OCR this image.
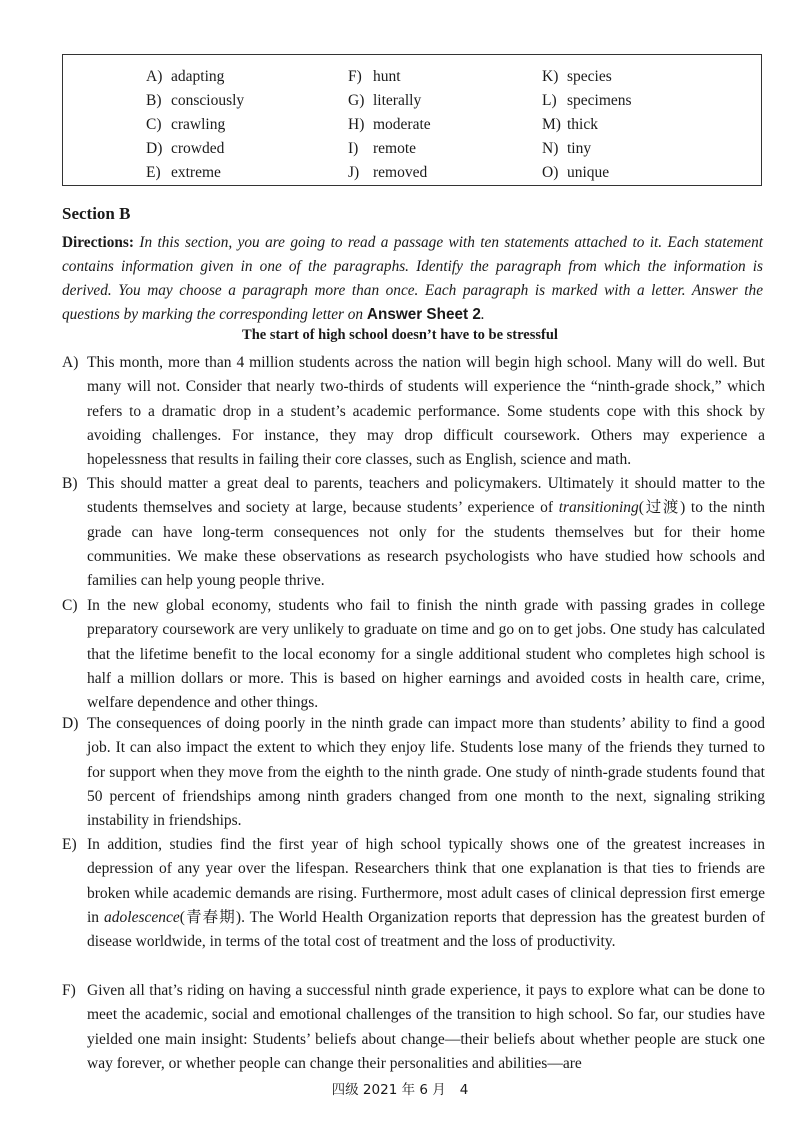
A) adapting
B) consciously
C) crawling
D) crowded
E) extreme
F) hunt
G) literally
H) moderate
I) remote
J) removed
K) species
L) specimens
M) thick
N) tiny
O) unique
Section B
Directions: In this section, you are going to read a passage with ten statements attached to it. Each statement contains information given in one of the paragraphs. Identify the paragraph from which the information is derived. You may choose a paragraph more than once. Each paragraph is marked with a letter. Answer the questions by marking the corresponding letter on Answer Sheet 2.
The start of high school doesn’t have to be stressful
A) This month, more than 4 million students across the nation will begin high school. Many will do well. But many will not. Consider that nearly two-thirds of students will experience the “ninth-grade shock,” which refers to a dramatic drop in a student’s academic performance. Some students cope with this shock by avoiding challenges. For instance, they may drop difficult coursework. Others may experience a hopelessness that results in failing their core classes, such as English, science and math.
B) This should matter a great deal to parents, teachers and policymakers. Ultimately it should matter to the students themselves and society at large, because students’ experience of transitioning(过渡) to the ninth grade can have long-term consequences not only for the students themselves but for their home communities. We make these observations as research psychologists who have studied how schools and families can help young people thrive.
C) In the new global economy, students who fail to finish the ninth grade with passing grades in college preparatory coursework are very unlikely to graduate on time and go on to get jobs. One study has calculated that the lifetime benefit to the local economy for a single additional student who completes high school is half a million dollars or more. This is based on higher earnings and avoided costs in health care, crime, welfare dependence and other things.
D) The consequences of doing poorly in the ninth grade can impact more than students’ ability to find a good job. It can also impact the extent to which they enjoy life. Students lose many of the friends they turned to for support when they move from the eighth to the ninth grade. One study of ninth-grade students found that 50 percent of friendships among ninth graders changed from one month to the next, signaling striking instability in friendships.
E) In addition, studies find the first year of high school typically shows one of the greatest increases in depression of any year over the lifespan. Researchers think that one explanation is that ties to friends are broken while academic demands are rising. Furthermore, most adult cases of clinical depression first emerge in adolescence(青春期). The World Health Organization reports that depression has the greatest burden of disease worldwide, in terms of the total cost of treatment and the loss of productivity.
F) Given all that’s riding on having a successful ninth grade experience, it pays to explore what can be done to meet the academic, social and emotional challenges of the transition to high school. So far, our studies have yielded one main insight: Students’ beliefs about change—their beliefs about whether people are stuck one way forever, or whether people can change their personalities and abilities—are
四级 2021 年 6 月 4
